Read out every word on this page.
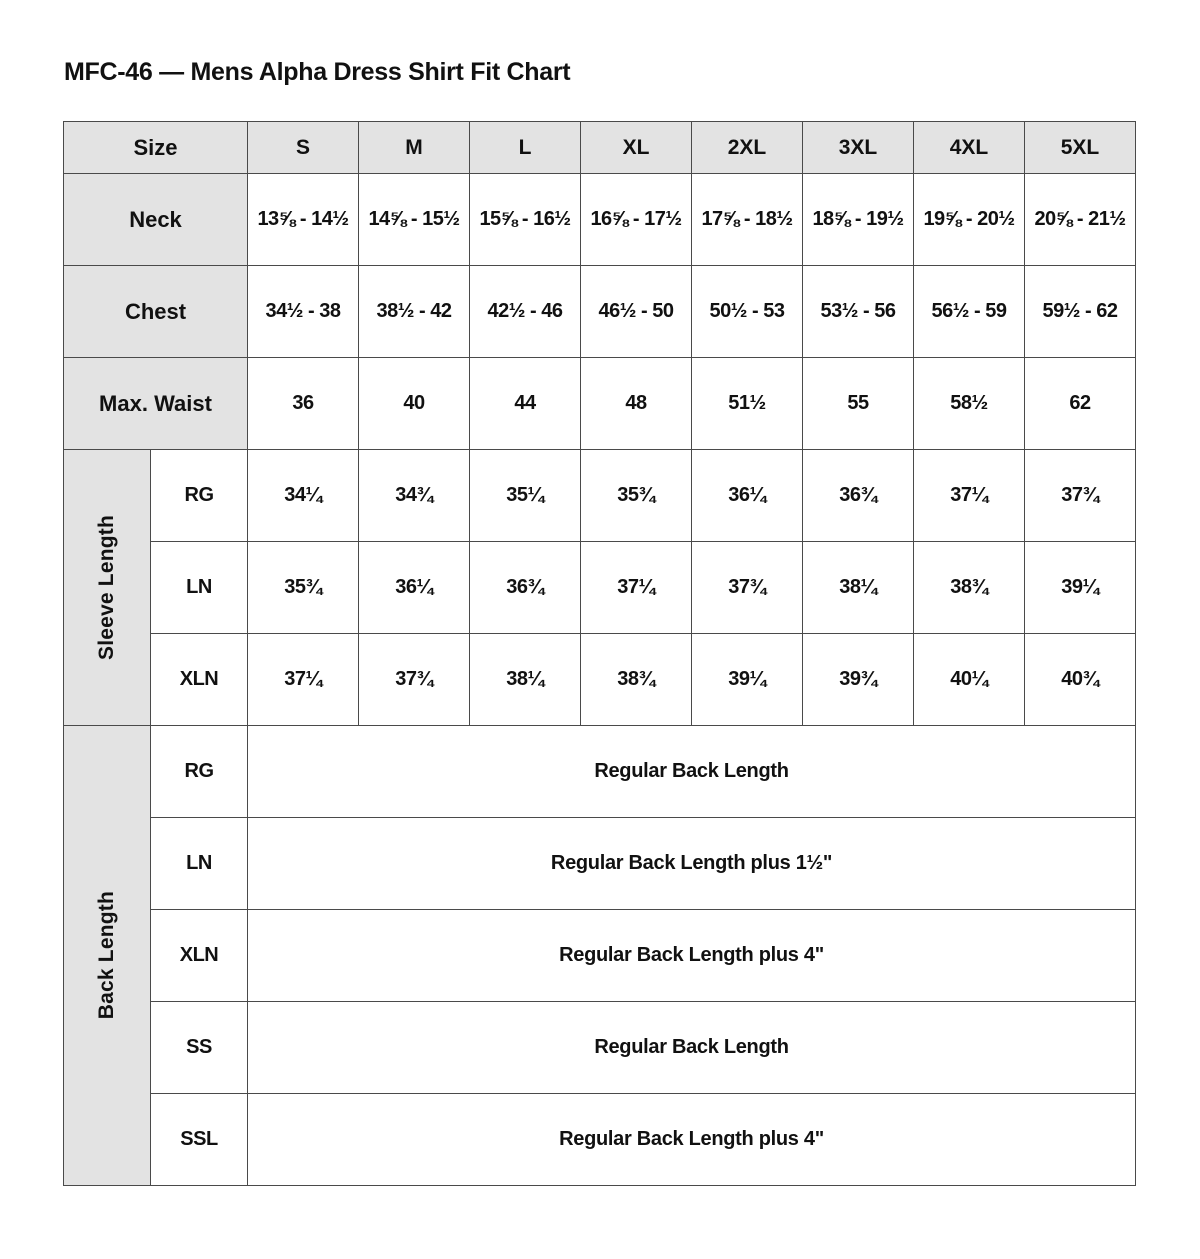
MFC-46 — Mens Alpha Dress Shirt Fit Chart
Size		S	M	L	XL	2XL	3XL	4XL	5XL
Neck		13⅝ - 14½	14⅝ - 15½	15⅝ - 16½	16⅝ - 17½	17⅝ - 18½	18⅝ - 19½	19⅝ - 20½	20⅝ - 21½
Chest		34½ - 38	38½ - 42	42½ - 46	46½ - 50	50½ - 53	53½ - 56	56½ - 59	59½ - 62
Max. Waist		36	40	44	48	51½	55	58½	62

Sleeve Length	RG	34¼	34¾	35¼	35¾	36¼	36¾	37¼	37¾
	LN	35¾	36¼	36¾	37¼	37¾	38¼	38¾	39¼
	XLN	37¼	37¾	38¼	38¾	39¼	39¾	40¼	40¾

Back Length	RG	Regular Back Length							
	LN	Regular Back Length plus 1½"							
	XLN	Regular Back Length plus 4"							
	SS	Regular Back Length							
	SSL	Regular Back Length plus 4"							
